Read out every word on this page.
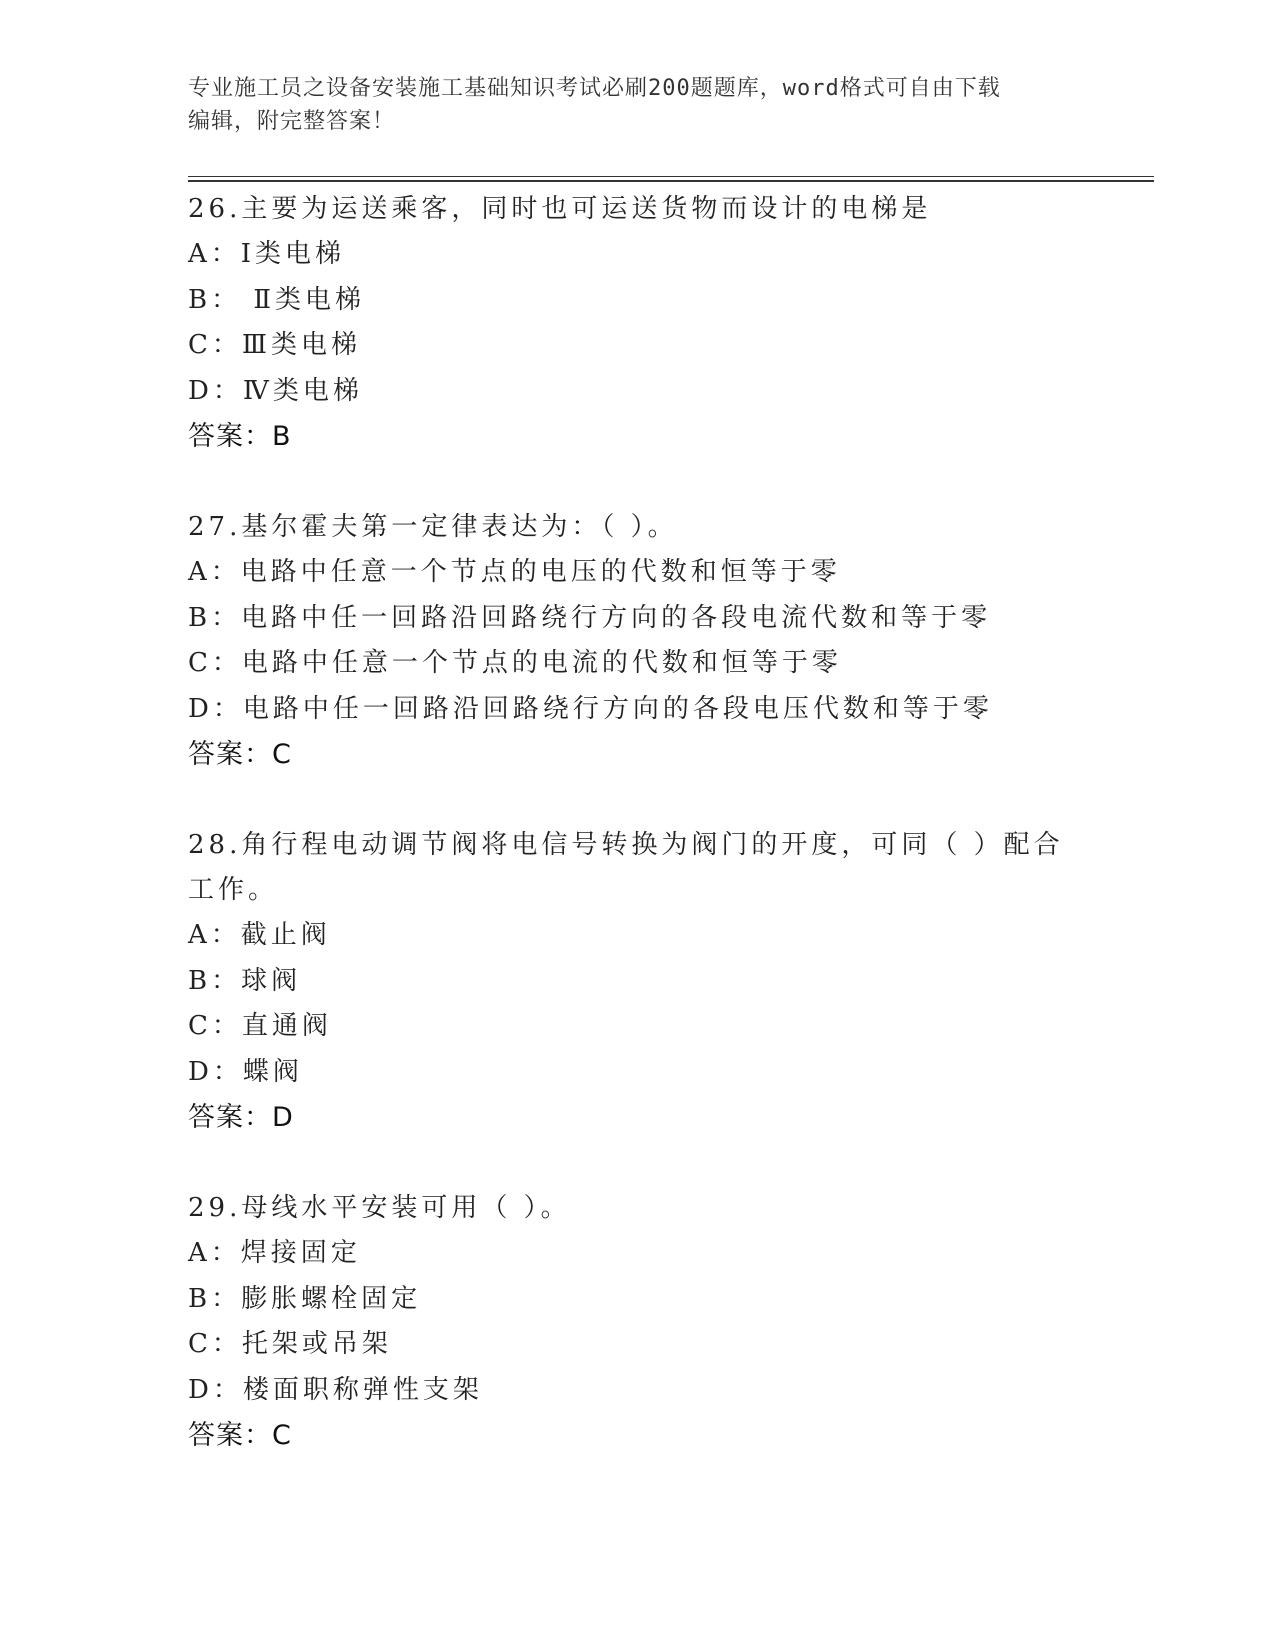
专业施工员之设备安装施工基础知识考试必刷200题题库，word格式可自由下载
编辑，附完整答案！

26.主要为运送乘客，同时也可运送货物而设计的电梯是

A：Ⅰ类电梯

B： Ⅱ类电梯

C：Ⅲ类电梯

D：Ⅳ类电梯

答案：B

27.基尔霍夫第一定律表达为：（ ）。

A：电路中任意一个节点的电压的代数和恒等于零

B：电路中任一回路沿回路绕行方向的各段电流代数和等于零

C：电路中任意一个节点的电流的代数和恒等于零

D：电路中任一回路沿回路绕行方向的各段电压代数和等于零

答案：C

28.角行程电动调节阀将电信号转换为阀门的开度，可同（ ）配合工作。

A：截止阀

B：球阀

C：直通阀

D：蝶阀

答案：D

29.母线水平安装可用（ ）。

A：焊接固定

B：膨胀螺栓固定

C：托架或吊架

D：楼面职称弹性支架

答案：C
